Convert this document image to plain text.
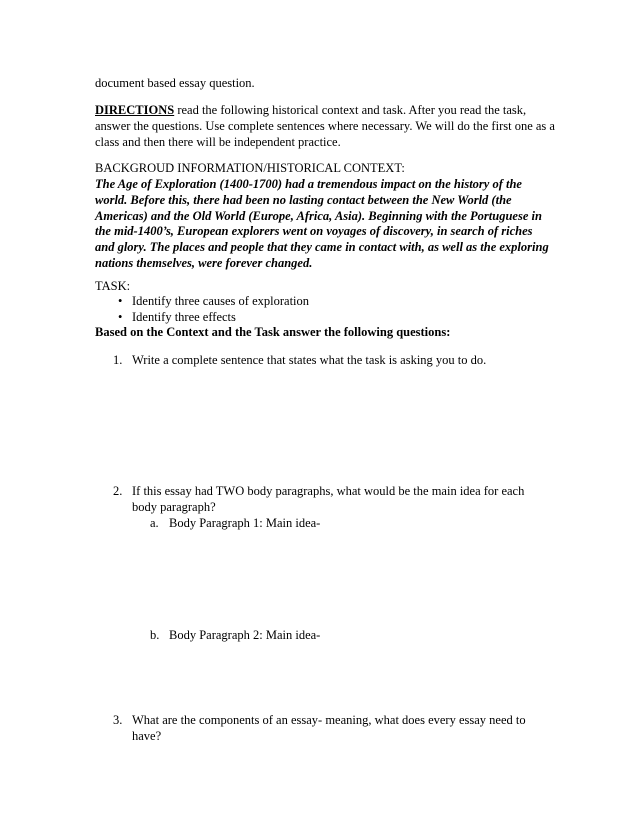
document based essay question.

DIRECTIONS read the following historical context and task. After you read the task, answer the questions. Use complete sentences where necessary. We will do the first one as a class and then there will be independent practice.

BACKGROUD INFORMATION/HISTORICAL CONTEXT:

The Age of Exploration (1400-1700) had a tremendous impact on the history of the world. Before this, there had been no lasting contact between the New World (the Americas) and the Old World (Europe, Africa, Asia). Beginning with the Portuguese in the mid-1400’s, European explorers went on voyages of discovery, in search of riches and glory. The places and people that they came in contact with, as well as the exploring nations themselves, were forever changed.

TASK:

• Identify three causes of exploration
• Identify three effects

Based on the Context and the Task answer the following questions:

1. Write a complete sentence that states what the task is asking you to do.
2. If this essay had TWO body paragraphs, what would be the main idea for each body paragraph?
a. Body Paragraph 1: Main idea-
b. Body Paragraph 2: Main idea-
3. What are the components of an essay- meaning, what does every essay need to have?
